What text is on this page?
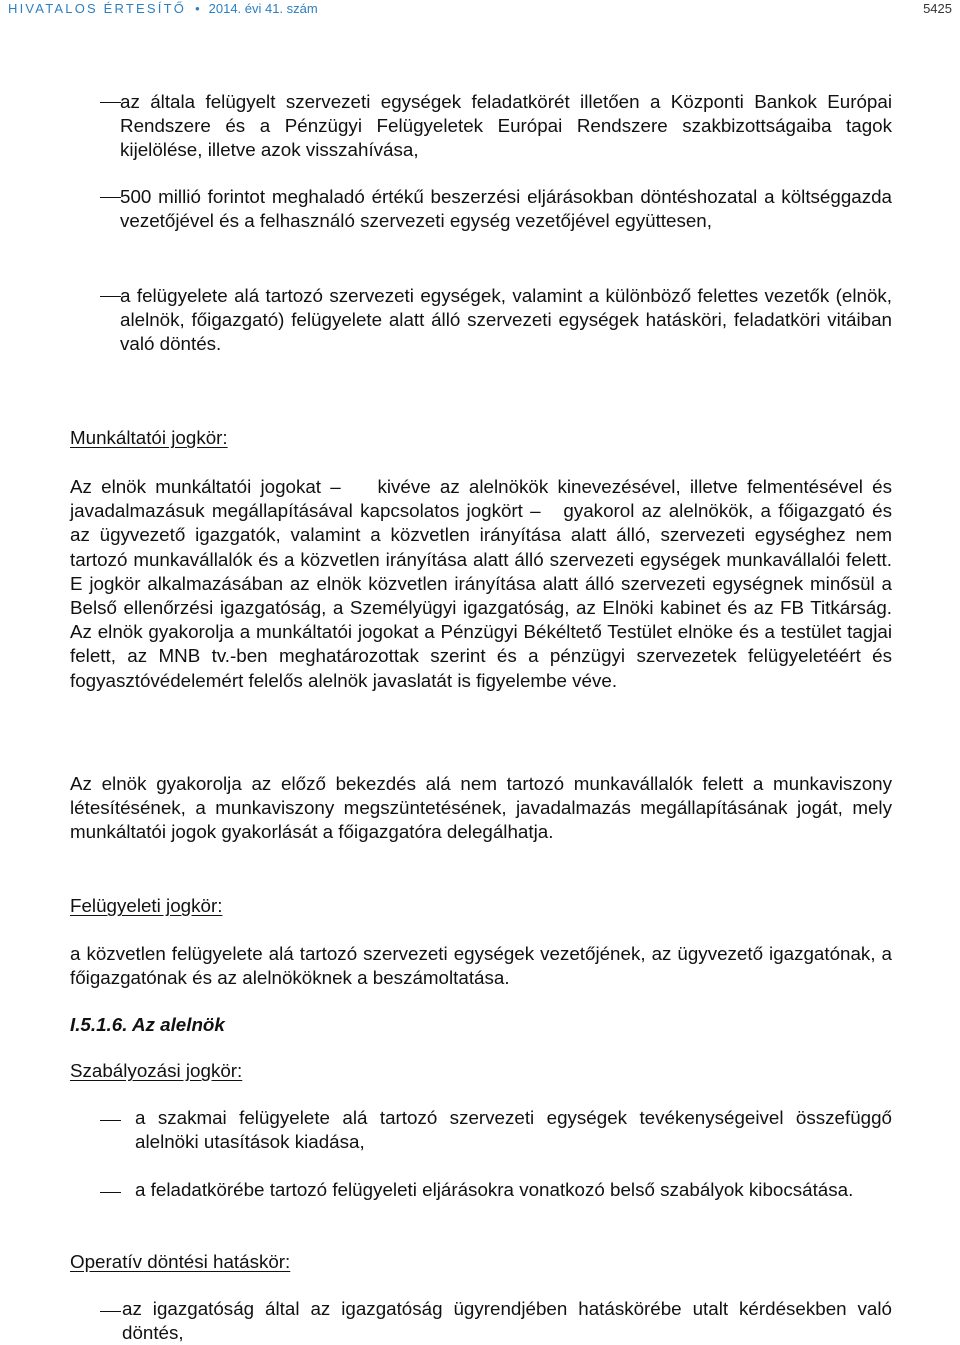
HIVATALOS ÉRTESÍTŐ • 2014. évi 41. szám	5425

az általa felügyelt szervezeti egységek feladatkörét illetően a Központi Bankok Európai Rendszere és a Pénzügyi Felügyeletek Európai Rendszere szakbizottságaiba tagok kijelölése, illetve azok visszahívása,

500 millió forintot meghaladó értékű beszerzési eljárásokban döntéshozatal a költséggazda vezetőjével és a felhasználó szervezeti egység vezetőjével együttesen,

a felügyelete alá tartozó szervezeti egységek, valamint a különböző felettes vezetők (elnök, alelnök, főigazgató) felügyelete alatt álló szervezeti egységek hatásköri, feladatköri vitáiban való döntés.

Munkáltatói jogkör:

Az elnök munkáltatói jogokat – kivéve az alelnökök kinevezésével, illetve felmentésével és javadalmazásuk megállapításával kapcsolatos jogkört – gyakorol az alelnökök, a főigazgató és az ügyvezető igazgatók, valamint a közvetlen irányítása alatt álló, szervezeti egységhez nem tartozó munkavállalók és a közvetlen irányítása alatt álló szervezeti egységek munkavállalói felett. E jogkör alkalmazásában az elnök közvetlen irányítása alatt álló szervezeti egységnek minősül a Belső ellenőrzési igazgatóság, a Személyügyi igazgatóság, az Elnöki kabinet és az FB Titkárság. Az elnök gyakorolja a munkáltatói jogokat a Pénzügyi Békéltető Testület elnöke és a testület tagjai felett, az MNB tv.-ben meghatározottak szerint és a pénzügyi szervezetek felügyeletéért és fogyasztóvédelemért felelős alelnök javaslatát is figyelembe véve.

Az elnök gyakorolja az előző bekezdés alá nem tartozó munkavállalók felett a munkaviszony létesítésének, a munkaviszony megszüntetésének, javadalmazás megállapításának jogát, mely munkáltatói jogok gyakorlását a főigazgatóra delegálhatja.

Felügyeleti jogkör:

a közvetlen felügyelete alá tartozó szervezeti egységek vezetőjének, az ügyvezető igazgatónak, a főigazgatónak és az alelnököknek a beszámoltatása.

I.5.1.6. Az alelnök

Szabályozási jogkör:

a szakmai felügyelete alá tartozó szervezeti egységek tevékenységeivel összefüggő alelnöki utasítások kiadása,

a feladatkörébe tartozó felügyeleti eljárásokra vonatkozó belső szabályok kibocsátása.

Operatív döntési hatáskör:

az igazgatóság által az igazgatóság ügyrendjében hatáskörébe utalt kérdésekben való döntés,
